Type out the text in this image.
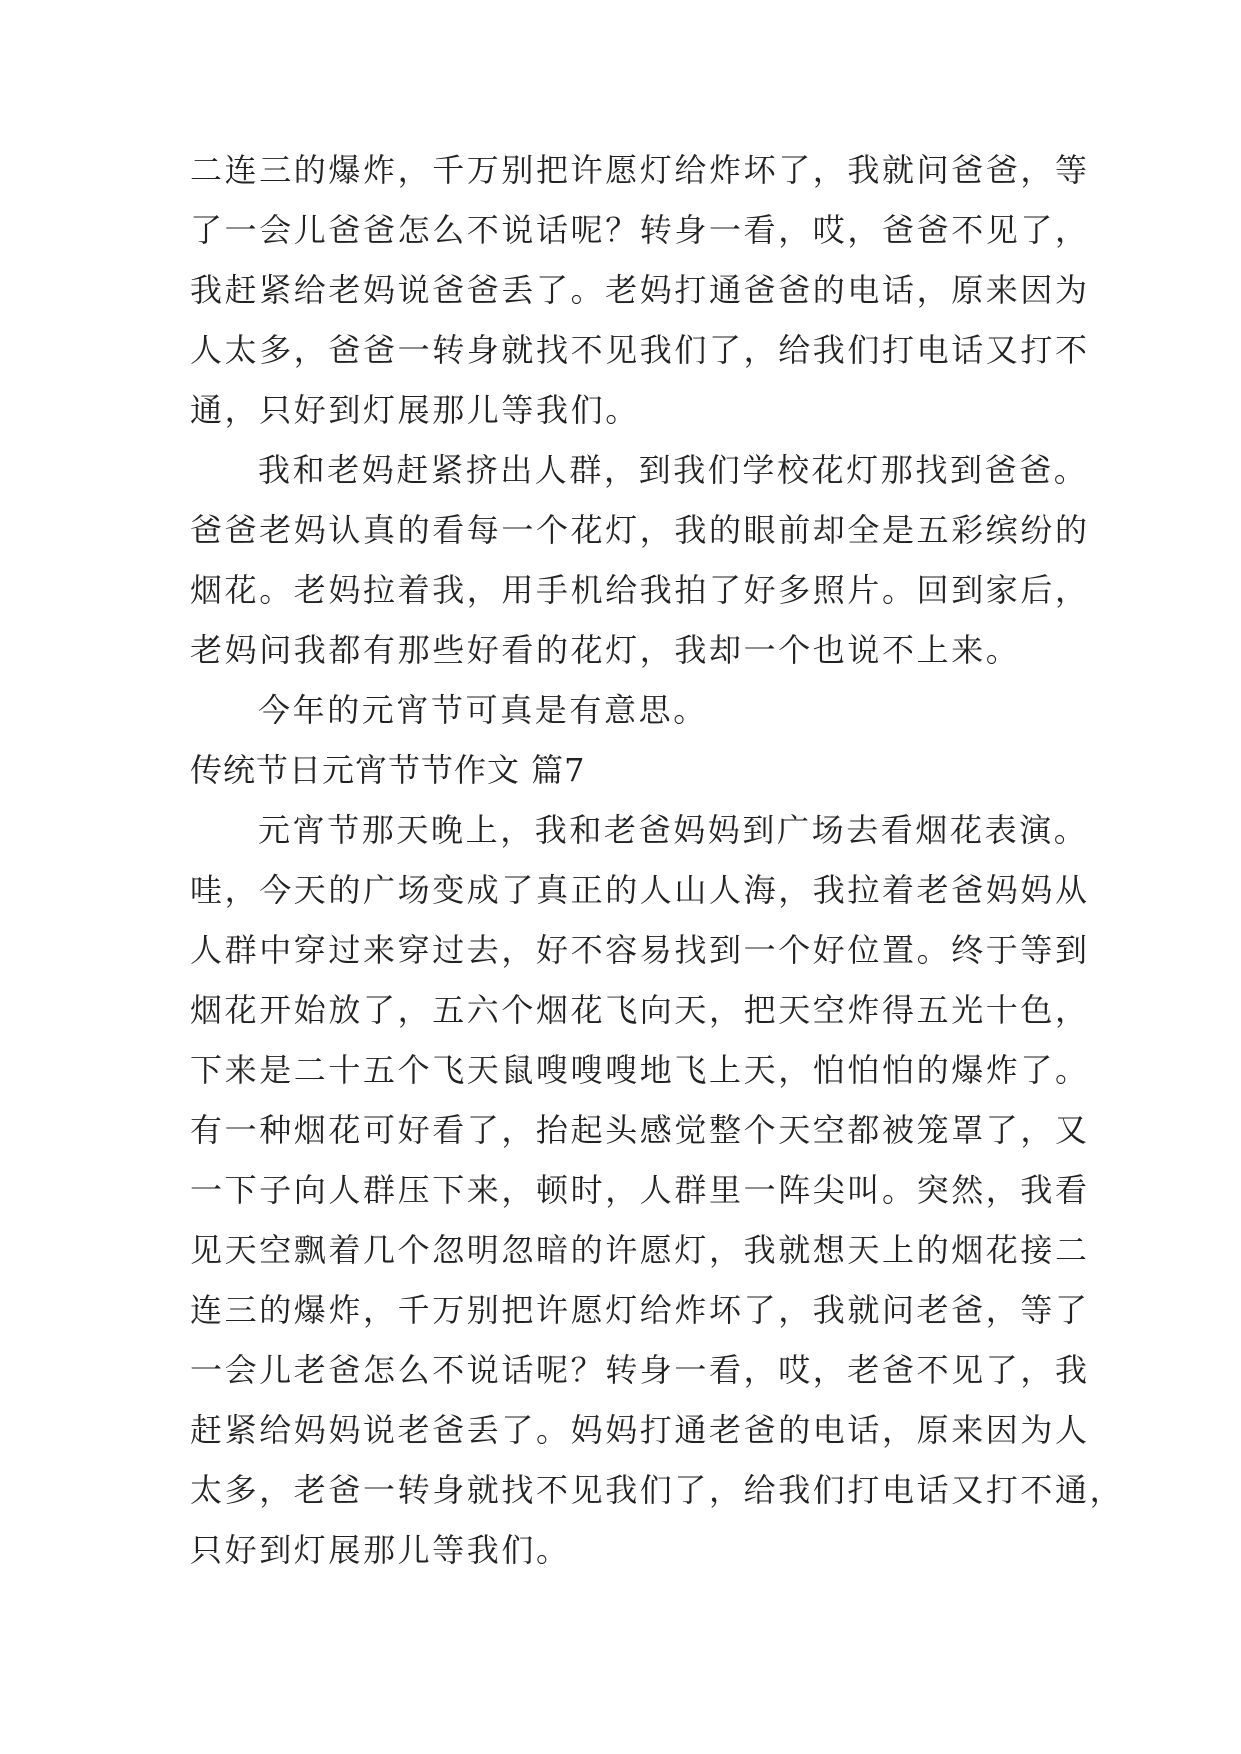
二连三的爆炸，千万别把许愿灯给炸坏了，我就问爸爸，等
了一会儿爸爸怎么不说话呢？转身一看，哎，爸爸不见了，
我赶紧给老妈说爸爸丢了。老妈打通爸爸的电话，原来因为
人太多，爸爸一转身就找不见我们了，给我们打电话又打不
通，只好到灯展那儿等我们。
我和老妈赶紧挤出人群，到我们学校花灯那找到爸爸。
爸爸老妈认真的看每一个花灯，我的眼前却全是五彩缤纷的
烟花。老妈拉着我，用手机给我拍了好多照片。回到家后，
老妈问我都有那些好看的花灯，我却一个也说不上来。
今年的元宵节可真是有意思。
传统节日元宵节节作文 篇7
元宵节那天晚上，我和老爸妈妈到广场去看烟花表演。
哇，今天的广场变成了真正的人山人海，我拉着老爸妈妈从
人群中穿过来穿过去，好不容易找到一个好位置。终于等到
烟花开始放了，五六个烟花飞向天，把天空炸得五光十色，
下来是二十五个飞天鼠嗖嗖嗖地飞上天，怕怕怕的爆炸了。
有一种烟花可好看了，抬起头感觉整个天空都被笼罩了，又
一下子向人群压下来，顿时，人群里一阵尖叫。突然，我看
见天空飘着几个忽明忽暗的许愿灯，我就想天上的烟花接二
连三的爆炸，千万别把许愿灯给炸坏了，我就问老爸，等了
一会儿老爸怎么不说话呢？转身一看，哎，老爸不见了，我
赶紧给妈妈说老爸丢了。妈妈打通老爸的电话，原来因为人
太多，老爸一转身就找不见我们了，给我们打电话又打不通，
只好到灯展那儿等我们。
